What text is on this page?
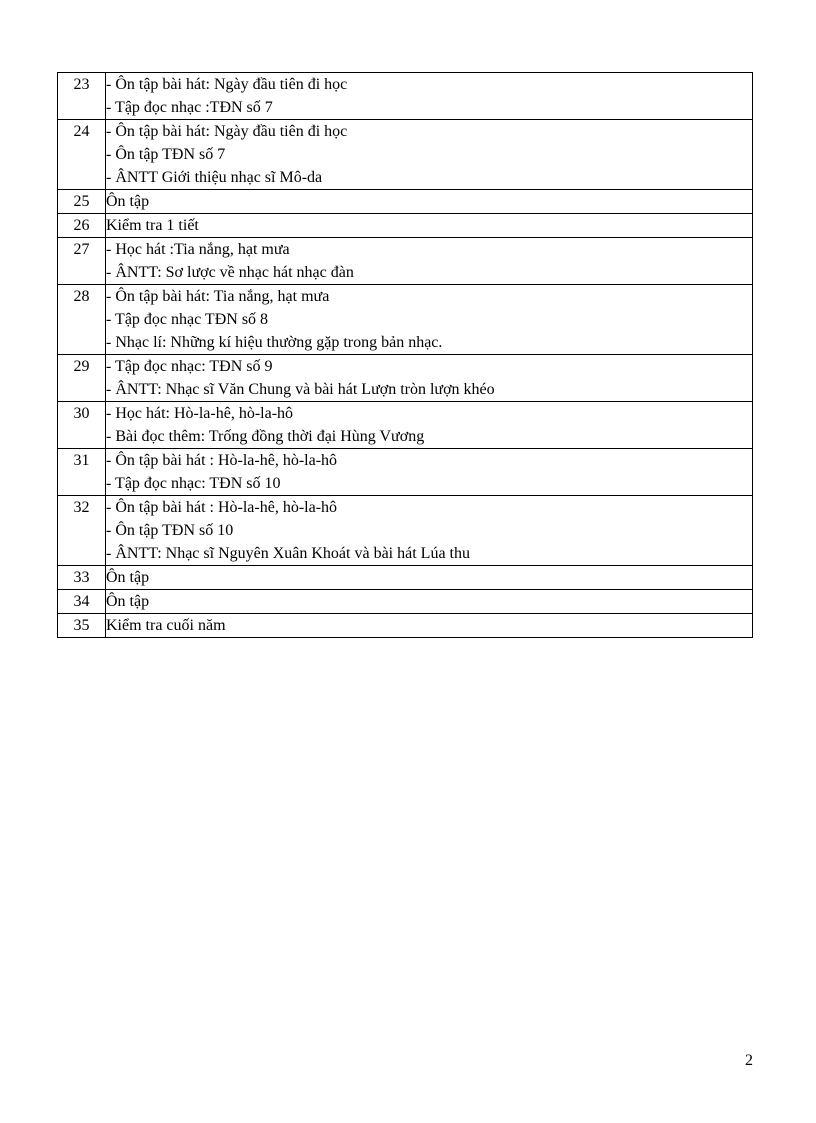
23	- Ôn tập bài hát: Ngày đầu tiên đi học
- Tập đọc nhạc :TĐN số 7

24	- Ôn tập bài hát: Ngày đầu tiên đi học
- Ôn tập TĐN số 7
- ÂNTT Giới thiệu nhạc sĩ Mô-da

25	Ôn tập

26	Kiểm tra 1 tiết

27	- Học hát :Tia nắng, hạt mưa
- ÂNTT: Sơ lược về nhạc hát nhạc đàn

28	- Ôn tập bài hát: Tia nắng, hạt mưa
- Tập đọc nhạc TĐN số 8
- Nhạc lí: Những kí hiệu thường gặp trong bản nhạc.

29	- Tập đọc nhạc: TĐN số 9
- ÂNTT: Nhạc sĩ Văn Chung và bài hát Lượn tròn lượn khéo

30	- Học hát: Hò-la-hê, hò-la-hô
- Bài đọc thêm: Trống đồng thời đại Hùng Vương

31	- Ôn tập bài hát : Hò-la-hê, hò-la-hô
- Tập đọc nhạc: TĐN số 10

32	- Ôn tập bài hát : Hò-la-hê, hò-la-hô
- Ôn tập TĐN số 10
- ÂNTT: Nhạc sĩ Nguyên Xuân Khoát và bài hát Lúa thu

33	Ôn tập

34	Ôn tập

35	Kiểm tra cuối năm
2
